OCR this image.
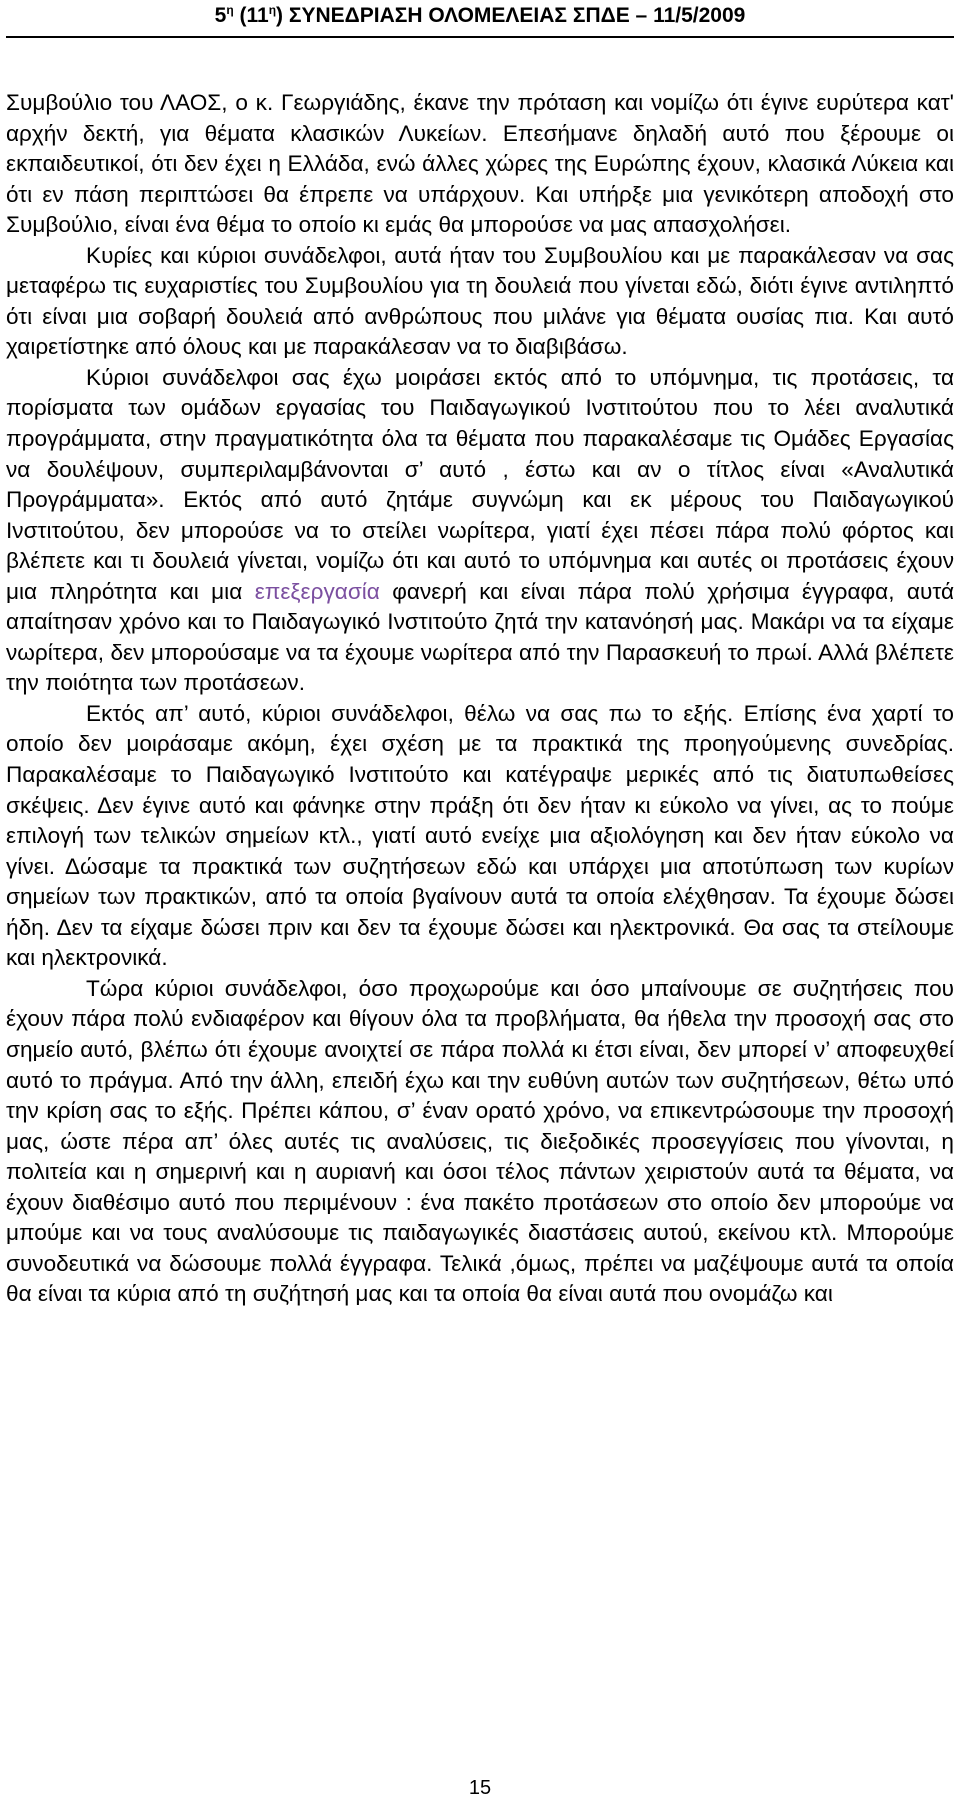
$5^\eta$ $(11^\eta)$ ΣΥΝΕΔΡΙΑΣΗ ΟΛΟΜΕΛΕΙΑΣ ΣΠΔΕ – 11/5/2009

Συμβούλιο του ΛΑΟΣ, ο κ. Γεωργιάδης, έκανε την πρόταση και νομίζω ότι έγινε ευρύτερα κατ' αρχήν δεκτή, για θέματα κλασικών Λυκείων. Επεσήμανε δηλαδή αυτό που ξέρουμε οι εκπαιδευτικοί, ότι δεν έχει η Ελλάδα, ενώ άλλες χώρες της Ευρώπης έχουν, κλασικά Λύκεια και ότι εν πάση περιπτώσει θα έπρεπε να υπάρχουν. Και υπήρξε μια γενικότερη αποδοχή στο Συμβούλιο, είναι ένα θέμα το οποίο κι εμάς θα μπορούσε να μας απασχολήσει.

Κυρίες και κύριοι συνάδελφοι, αυτά ήταν του Συμβουλίου και με παρακάλεσαν να σας μεταφέρω τις ευχαριστίες του Συμβουλίου για τη δουλειά που γίνεται εδώ, διότι έγινε αντιληπτό ότι είναι μια σοβαρή δουλειά από ανθρώπους που μιλάνε για θέματα ουσίας πια. Και αυτό χαιρετίστηκε από όλους και με παρακάλεσαν να το διαβιβάσω.

Κύριοι συνάδελφοι σας έχω μοιράσει εκτός από το υπόμνημα, τις προτάσεις, τα πορίσματα των ομάδων εργασίας του Παιδαγωγικού Ινστιτούτου που το λέει αναλυτικά προγράμματα, στην πραγματικότητα όλα τα θέματα που παρακαλέσαμε τις Ομάδες Εργασίας να δουλέψουν, συμπεριλαμβάνονται σ’ αυτό , έστω και αν ο τίτλος είναι «Αναλυτικά Προγράμματα». Εκτός από αυτό ζητάμε συγνώμη και εκ μέρους του Παιδαγωγικού Ινστιτούτου, δεν μπορούσε να το στείλει νωρίτερα, γιατί έχει πέσει πάρα πολύ φόρτος και βλέπετε και τι δουλειά γίνεται, νομίζω ότι και αυτό το υπόμνημα και αυτές οι προτάσεις έχουν μια πληρότητα και μια επεξεργασία φανερή και είναι πάρα πολύ χρήσιμα έγγραφα, αυτά απαίτησαν χρόνο και το Παιδαγωγικό Ινστιτούτο ζητά την κατανόησή μας. Μακάρι να τα είχαμε νωρίτερα, δεν μπορούσαμε να τα έχουμε νωρίτερα από την Παρασκευή το πρωί. Αλλά βλέπετε την ποιότητα των προτάσεων.

Εκτός απ’ αυτό, κύριοι συνάδελφοι, θέλω να σας πω το εξής. Επίσης ένα χαρτί το οποίο δεν μοιράσαμε ακόμη, έχει σχέση με τα πρακτικά της προηγούμενης συνεδρίας. Παρακαλέσαμε το Παιδαγωγικό Ινστιτούτο και κατέγραψε μερικές από τις διατυπωθείσες σκέψεις. Δεν έγινε αυτό και φάνηκε στην πράξη ότι δεν ήταν κι εύκολο να γίνει, ας το πούμε επιλογή των τελικών σημείων κτλ., γιατί αυτό ενείχε μια αξιολόγηση και δεν ήταν εύκολο να γίνει. Δώσαμε τα πρακτικά των συζητήσεων εδώ και υπάρχει μια αποτύπωση των κυρίων σημείων των πρακτικών, από τα οποία βγαίνουν αυτά τα οποία ελέχθησαν. Τα έχουμε δώσει ήδη. Δεν τα είχαμε δώσει πριν και δεν τα έχουμε δώσει και ηλεκτρονικά. Θα σας τα στείλουμε και ηλεκτρονικά.

Τώρα κύριοι συνάδελφοι, όσο προχωρούμε και όσο μπαίνουμε σε συζητήσεις που έχουν πάρα πολύ ενδιαφέρον και θίγουν όλα τα προβλήματα, θα ήθελα την προσοχή σας στο σημείο αυτό, βλέπω ότι έχουμε ανοιχτεί σε πάρα πολλά κι έτσι είναι, δεν μπορεί ν’ αποφευχθεί αυτό το πράγμα. Από την άλλη, επειδή έχω και την ευθύνη αυτών των συζητήσεων, θέτω υπό την κρίση σας το εξής. Πρέπει κάπου, σ’ έναν ορατό χρόνο, να επικεντρώσουμε την προσοχή μας, ώστε πέρα απ’ όλες αυτές τις αναλύσεις, τις διεξοδικές προσεγγίσεις που γίνονται, η πολιτεία και η σημερινή και η αυριανή και όσοι τέλος πάντων χειριστούν αυτά τα θέματα, να έχουν διαθέσιμο αυτό που περιμένουν : ένα πακέτο προτάσεων στο οποίο δεν μπορούμε να μπούμε και να τους αναλύσουμε τις παιδαγωγικές διαστάσεις αυτού, εκείνου κτλ. Μπορούμε συνοδευτικά να δώσουμε πολλά έγγραφα. Τελικά ,όμως, πρέπει να μαζέψουμε αυτά τα οποία θα είναι τα κύρια από τη συζήτησή μας και τα οποία θα είναι αυτά που ονομάζω και

15
